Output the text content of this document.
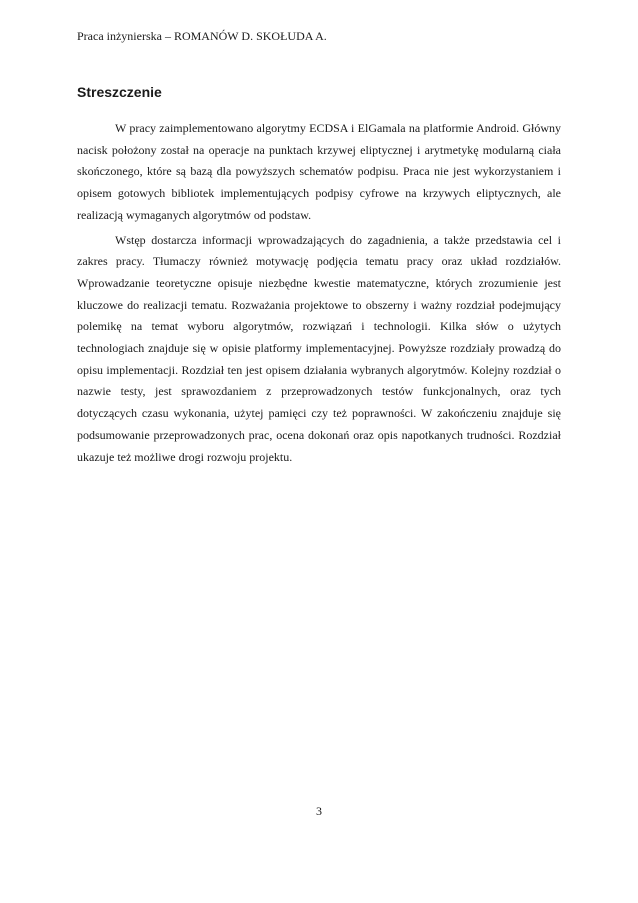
Praca inżynierska – ROMANÓW D. SKOŁUDA A.
Streszczenie

W pracy zaimplementowano algorytmy ECDSA i ElGamala na platformie Android. Główny nacisk położony został na operacje na punktach krzywej eliptycznej i arytmetykę modularną ciała skończonego, które są bazą dla powyższych schematów podpisu. Praca nie jest wykorzystaniem i opisem gotowych bibliotek implementujących podpisy cyfrowe na krzywych eliptycznych, ale realizacją wymaganych algorytmów od podstaw.

Wstęp dostarcza informacji wprowadzających do zagadnienia, a także przedstawia cel i zakres pracy. Tłumaczy również motywację podjęcia tematu pracy oraz układ rozdziałów. Wprowadzanie teoretyczne opisuje niezbędne kwestie matematyczne, których zrozumienie jest kluczowe do realizacji tematu. Rozważania projektowe to obszerny i ważny rozdział podejmujący polemikę na temat wyboru algorytmów, rozwiązań i technologii. Kilka słów o użytych technologiach znajduje się w opisie platformy implementacyjnej. Powyższe rozdziały prowadzą do opisu implementacji. Rozdział ten jest opisem działania wybranych algorytmów. Kolejny rozdział o nazwie testy, jest sprawozdaniem z przeprowadzonych testów funkcjonalnych, oraz tych dotyczących czasu wykonania, użytej pamięci czy też poprawności. W zakończeniu znajduje się podsumowanie przeprowadzonych prac, ocena dokonań oraz opis napotkanych trudności. Rozdział ukazuje też możliwe drogi rozwoju projektu.

3
